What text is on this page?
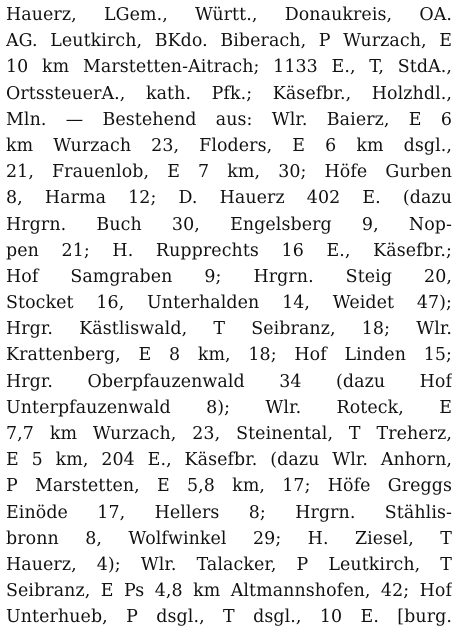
Hauerz, LGem., Württ., Donaukreis, OA.
AG. Leutkirch, BKdo. Biberach, P Wurzach, E
10 km Marstetten-Aitrach; 1133 E., T, StdA.,
OrtssteuerA., kath. Pfk.; Käsefbr., Holzhdl.,
Mln. — Bestehend aus: Wlr. Baierz, E 6
km Wurzach 23, Floders, E 6 km dsgl.,
21, Frauenlob, E 7 km, 30; Höfe Gurben
8, Harma 12; D. Hauerz 402 E. (dazu
Hrgrn. Buch 30, Engelsberg 9, Nop-
pen 21; H. Rupprechts 16 E., Käsefbr.;
Hof Samgraben 9; Hrgrn. Steig 20,
Stocket 16, Unterhalden 14, Weidet 47);
Hrgr. Kästliswald, T Seibranz, 18; Wlr.
Krattenberg, E 8 km, 18; Hof Linden 15;
Hrgr. Oberpfauzenwald 34 (dazu Hof
Unterpfauzenwald 8); Wlr. Roteck, E
7,7 km Wurzach, 23, Steinental, T Treherz,
E 5 km, 204 E., Käsefbr. (dazu Wlr. Anhorn,
P Marstetten, E 5,8 km, 17; Höfe Greggs
Einöde 17, Hellers 8; Hrgrn. Stählis-
bronn 8, Wolfwinkel 29; H. Ziesel, T
Hauerz, 4); Wlr. Talacker, P Leutkirch, T
Seibranz, E Ps 4,8 km Altmannshofen, 42; Hof
Unterhueb, P dsgl., T dsgl., 10 E. [burg.
